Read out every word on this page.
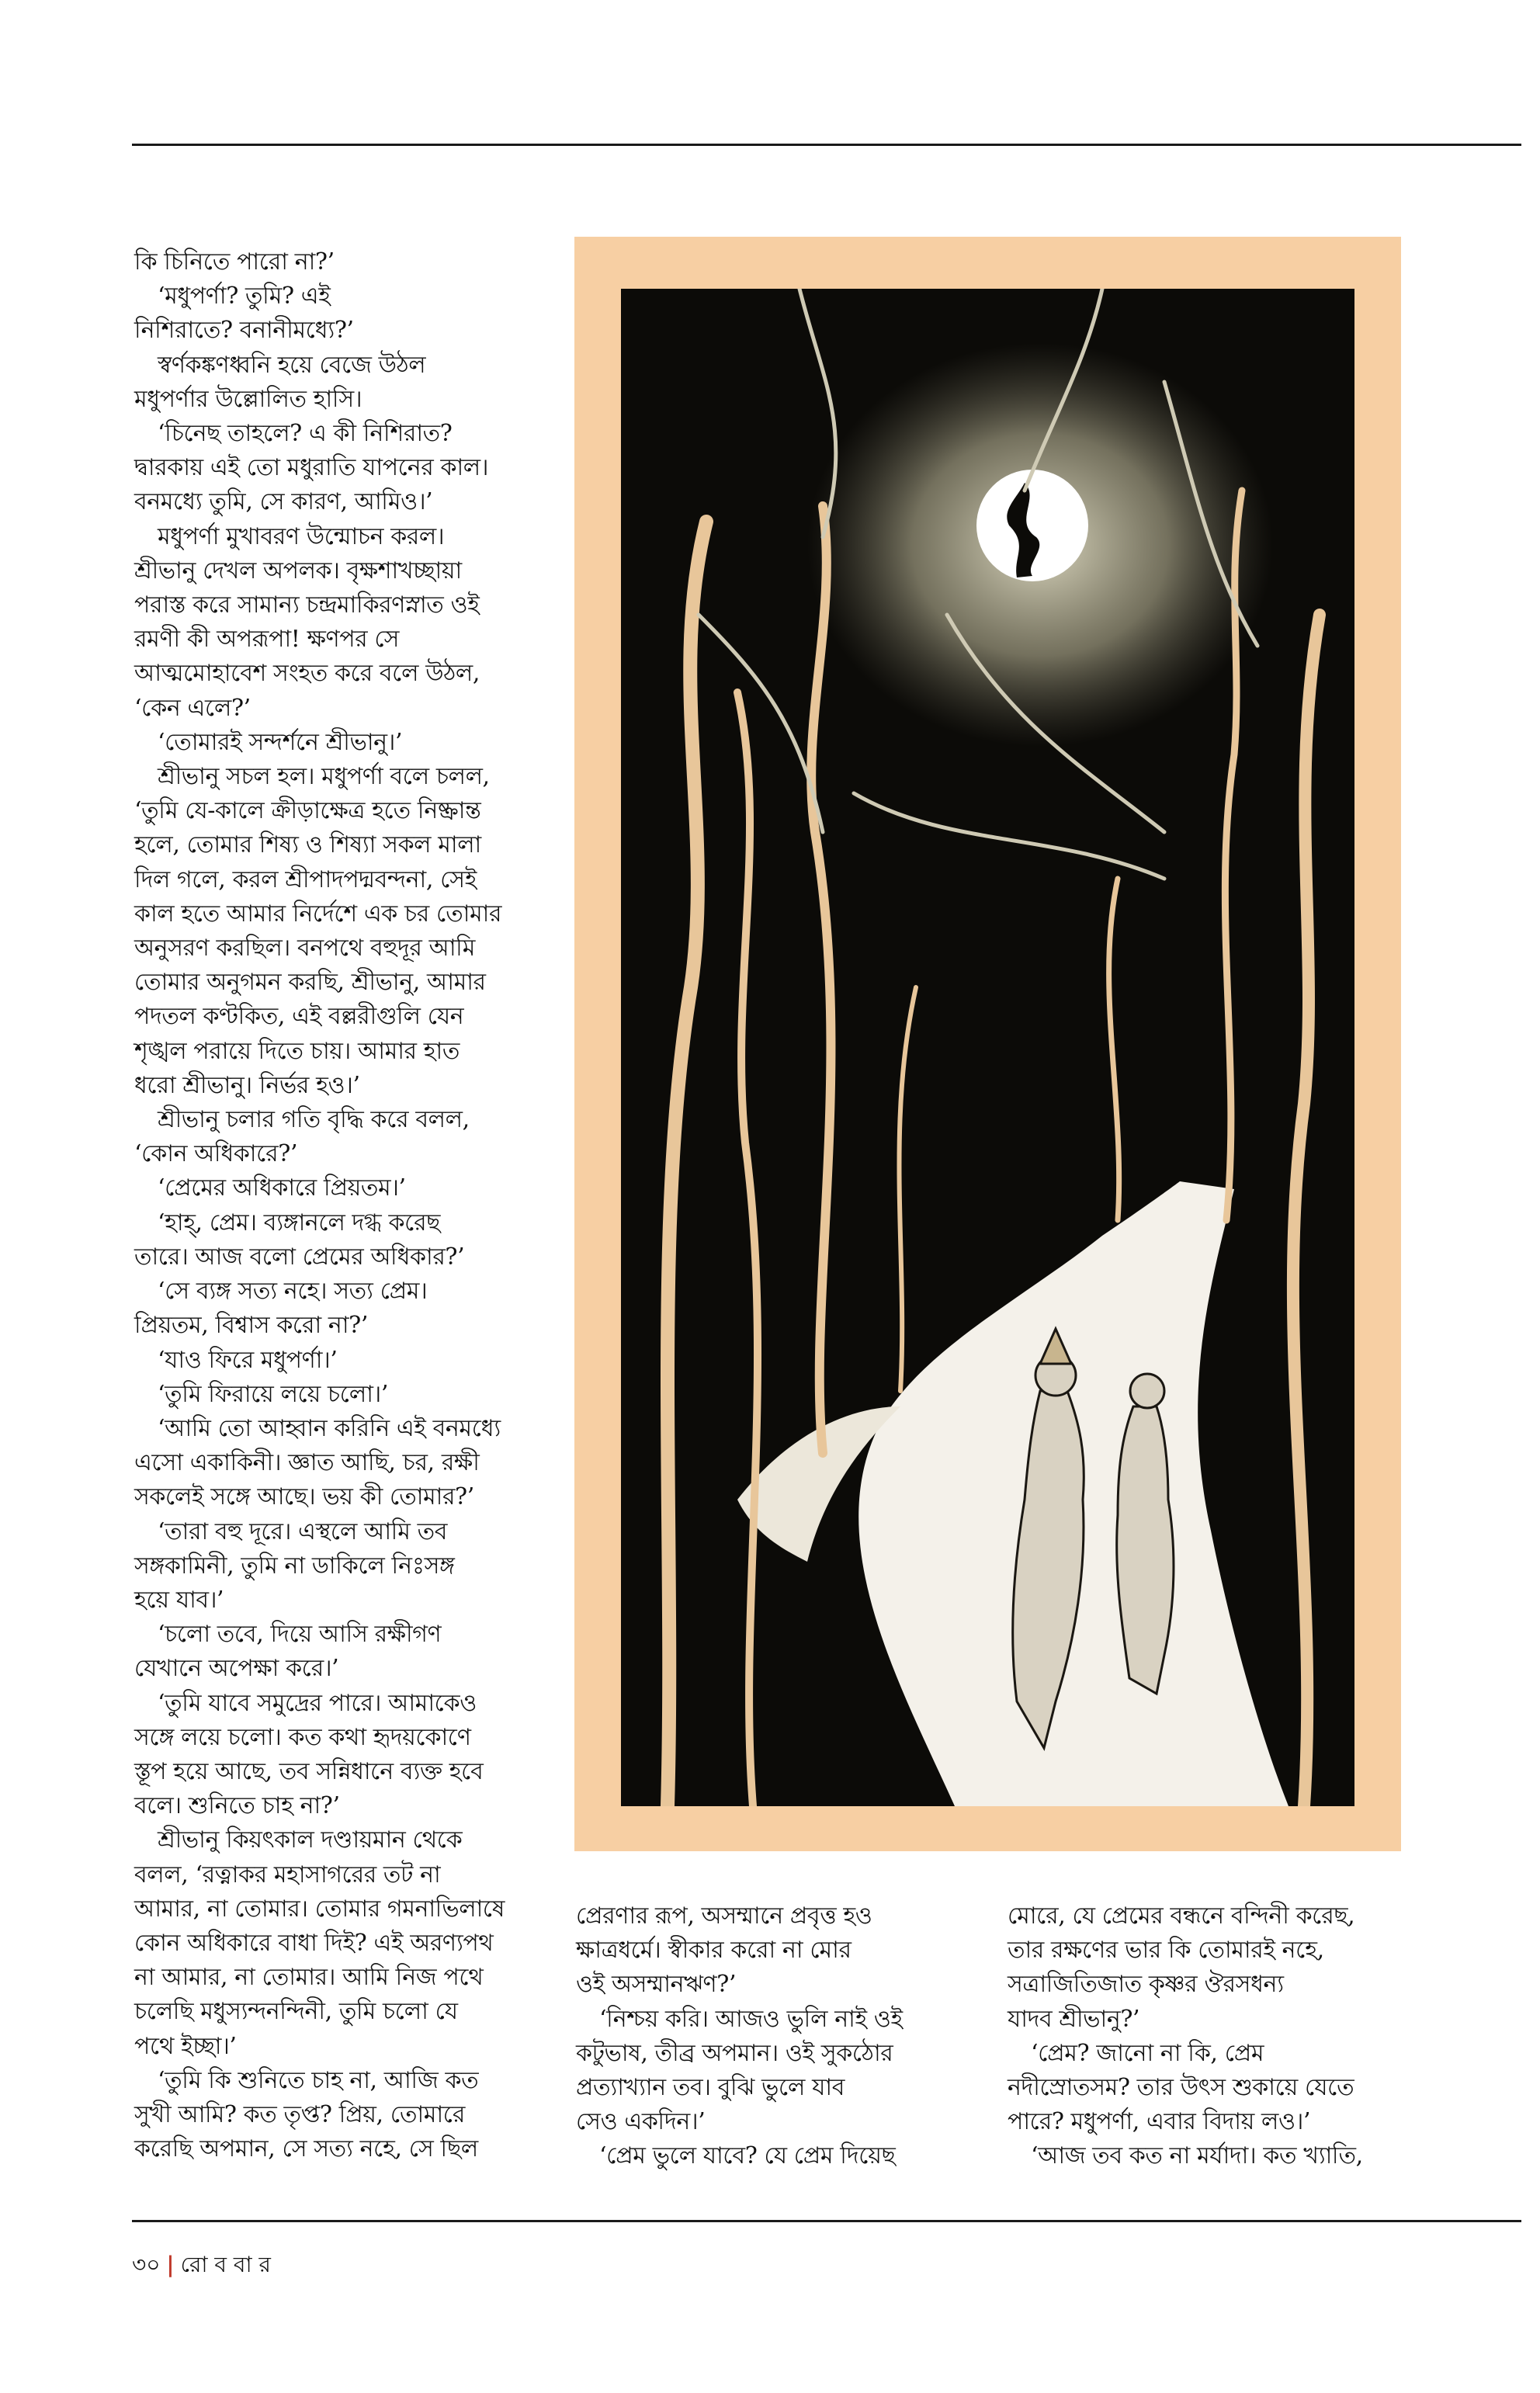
কি চিনিতে পারো না?’

‘মধুপর্ণা? তুমি? এই

নিশিরাতে? বনানীমধ্যে?’

স্বর্ণকঙ্কণধ্বনি হয়ে বেজে উঠল

মধুপর্ণার উল্লোলিত হাসি।

‘চিনেছ তাহলে? এ কী নিশিরাত?

দ্বারকায় এই তো মধুরাতি যাপনের কাল।

বনমধ্যে তুমি, সে কারণ, আমিও।’

মধুপর্ণা মুখাবরণ উন্মোচন করল।

শ্রীভানু দেখল অপলক। বৃক্ষশাখচ্ছায়া

পরাস্ত করে সামান্য চন্দ্রমাকিরণস্নাত ওই

রমণী কী অপরূপা! ক্ষণপর সে

আত্মমোহাবেশ সংহত করে বলে উঠল,

‘কেন এলে?’

‘তোমারই সন্দর্শনে শ্রীভানু।’

শ্রীভানু সচল হল। মধুপর্ণা বলে চলল,

‘তুমি যে-কালে ক্রীড়াক্ষেত্র হতে নিষ্ক্রান্ত

হলে, তোমার শিষ্য ও শিষ্যা সকল মালা

দিল গলে, করল শ্রীপাদপদ্মবন্দনা, সেই

কাল হতে আমার নির্দেশে এক চর তোমার

অনুসরণ করছিল। বনপথে বহুদূর আমি

তোমার অনুগমন করছি, শ্রীভানু, আমার

পদতল কণ্টকিত, এই বল্লরীগুলি যেন

শৃঙ্খল পরায়ে দিতে চায়। আমার হাত

ধরো শ্রীভানু। নির্ভর হও।’

শ্রীভানু চলার গতি বৃদ্ধি করে বলল,

‘কোন অধিকারে?’

‘প্রেমের অধিকারে প্রিয়তম।’

‘হাহ্, প্রেম। ব্যঙ্গানলে দগ্ধ করেছ

তারে। আজ বলো প্রেমের অধিকার?’

‘সে ব্যঙ্গ সত্য নহে। সত্য প্রেম।

প্রিয়তম, বিশ্বাস করো না?’

‘যাও ফিরে মধুপর্ণা।’

‘তুমি ফিরায়ে লয়ে চলো।’

‘আমি তো আহ্বান করিনি এই বনমধ্যে

এসো একাকিনী। জ্ঞাত আছি, চর, রক্ষী

সকলেই সঙ্গে আছে। ভয় কী তোমার?’

‘তারা বহু দূরে। এস্থলে আমি তব

সঙ্গকামিনী, তুমি না ডাকিলে নিঃসঙ্গ

হয়ে যাব।’

‘চলো তবে, দিয়ে আসি রক্ষীগণ

যেখানে অপেক্ষা করে।’

‘তুমি যাবে সমুদ্রের পারে। আমাকেও

সঙ্গে লয়ে চলো। কত কথা হৃদয়কোণে

স্তূপ হয়ে আছে, তব সন্নিধানে ব্যক্ত হবে

বলে। শুনিতে চাহ না?’

শ্রীভানু কিয়ৎকাল দণ্ডায়মান থেকে

বলল, ‘রত্নাকর মহাসাগরের তট না

আমার, না তোমার। তোমার গমনাভিলাষে

কোন অধিকারে বাধা দিই? এই অরণ্যপথ

না আমার, না তোমার। আমি নিজ পথে

চলেছি মধুস্যন্দনন্দিনী, তুমি চলো যে

পথে ইচ্ছা।’

‘তুমি কি শুনিতে চাহ না, আজি কত

সুখী আমি? কত তৃপ্ত? প্রিয়, তোমারে

করেছি অপমান, সে সত্য নহে, সে ছিল

প্রেরণার রূপ, অসম্মানে প্রবৃত্ত হও

ক্ষাত্রধর্মে। স্বীকার করো না মোর

ওই অসম্মানঋণ?’

‘নিশ্চয় করি। আজও ভুলি নাই ওই

কটুভাষ, তীব্র অপমান। ওই সুকঠোর

প্রত্যাখ্যান তব। বুঝি ভুলে যাব

সেও একদিন।’

‘প্রেম ভুলে যাবে? যে প্রেম দিয়েছ

মোরে, যে প্রেমের বন্ধনে বন্দিনী করেছ,

তার রক্ষণের ভার কি তোমারই নহে,

সত্রাজিতিজাত কৃষ্ণর ঔরসধন্য

যাদব শ্রীভানু?’

‘প্রেম? জানো না কি, প্রেম

নদীস্রোতসম? তার উৎস শুকায়ে যেতে

পারে? মধুপর্ণা, এবার বিদায় লও।’

‘আজ তব কত না মর্যাদা। কত খ্যাতি,

৩০ | রো ব বা র
